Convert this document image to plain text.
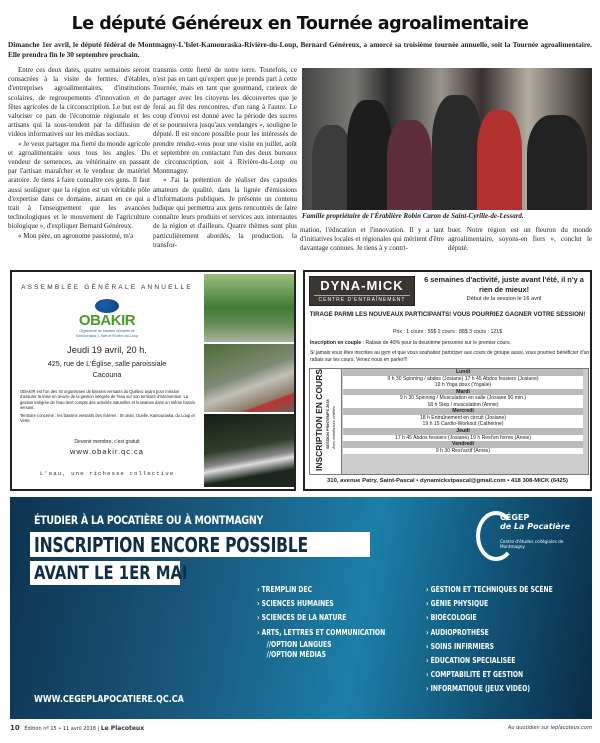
Le député Généreux en Tournée agroalimentaire

Dimanche 1er avril, le député fédéral de Montmagny-L'Islet-Kamouraska-Rivière-du-Loup, Bernard Généreux, a amorcé sa troisième tournée annuelle, soit la Tournée agroalimentaire. Elle prendra fin le 30 septembre prochain.

Entre ces deux dates, quatre semaines seront consacrées à la visite de fermes, d'étables, d'entreprises agroalimentaires, d'institutions scolaires, de regroupements d'innovation et de fêtes agricoles de la circonscription. Le but est de valoriser ce pan de l'économie régionale et les artisans qui la sous-tendent par la diffusion de vidéos informatives sur les médias sociaux.

« Je veux partager ma fierté du monde agricole et agroalimentaire sous tous les angles. Du vendeur de semences, au vétérinaire en passant par l'artisan maraîcher et le vendeur de matériel aratoire. Je tiens à faire connaître ces gens. Il faut aussi souligner que la région est un véritable pôle d'expertise dans ce domaine, autant en ce qui a trait à l'enseignement que les avancées technologiques et le mouvement de l'agriculture biologique », d'expliquer Bernard Généreux.

« Mon père, un agronome passionné, m'a

transmis cette fierté de notre terre. Toutefois, ce n'est pas en tant qu'expert que je prends part à cette Tournée, mais en tant que gourmand, curieux de partager avec les citoyens les découvertes que je ferai au fil des rencontres, d'un rang à l'autre. Le coup d'envoi est donné avec la période des sucres et se poursuivra jusqu'aux vendanges », souligne le député. Il est encore possible pour les intéressés de prendre rendez-vous pour une visite en juillet, août et septembre en contactant l'un des deux bureaux de circonscription, soit à Rivière-du-Loup ou Montmagny.

« J'ai la prétention de réaliser des capsules amateurs de qualité, dans la lignée d'émissions d'informations publiques. Je présente un contenu ludique qui permettra aux gens rencontrés de faire connaître leurs produits et services aux internautes de la région et d'ailleurs. Quatre thèmes sont plus particulièrement abordés, la production, la transfor-

Famille propriétaire de l'Érablière Robin Caron de Saint-Cyrille-de-Lessard.

mation, l'éducation et l'innovation. Il y a tant d'initiatives locales et régionales qui méritent d'être davantage connues. Je tiens à y contri-

buer. Notre région est un fleuron du monde agroalimentaire, soyons-en fiers », conclut le député.

ASSEMBLÉE GÉNÉRALE ANNUELLE
OBAKIR
Organisme de bassins versants de Kamouraska, L'Islet et Rivière-du-Loup
Jeudi 19 avril, 20 h.
425, rue de L'Église, salle paroissiale
Cacouna
OBAKIR est l'un des 40 organismes de bassins versants du Québec ayant pour mission d'assurer la mise en œuvre de la gestion intégrée de l'eau sur son territoire d'intervention. La gestion intégrée de l'eau tient compte des activités naturelles et humaines dans un même bassin versant.
Territoire concerné : les bassins versants des rivières : St-Jean, Ouelle, Kamouraska, du Loup et Verte.
Devenir membre, c'est gratuit
www.obakir.qc.ca
L'eau, une richesse collective
DYNA-MICK
CENTRE D'ENTRAÎNEMENT
6 semaines d'activité, juste avant l'été, il n'y a rien de mieux!
Début de la session le 16 avril
TIRAGE PARMI LES NOUVEAUX PARTICIPANTS! VOUS POURRIEZ GAGNER VOTRE SESSION!
Prix : 1 cours : 55$ 2 cours : 88$ 3 cours : 121$
Inscription en couple : Rabais de 40% pour la deuxième personne sur le premier cours.
Si jamais vous êtes inscrites au gym et que vous souhaitez participer aux cours de groupe aussi, vous pourriez bénéficier d'un rabais sur les cours. Venez nous en parler!!!
INSCRIPTION EN COURS SESSION PRINTEMPS 2018 Avec entraîneurs certifiés
Lundi
9 h 30 Spinning / abdos (Josiane) 17 h 45 Abdos fessiers (Josiane)
19 h Yoga doux (Yogalie)
Mardi
9 h 30 Spinning / Musculation en salle (Josiane 90 min.)
18 h Step / musculation (Annie)
Mercredi
18 h Entraînement en circuit (Josiane)
19 h 15 Cardio-Workout (Catherine)
Jeudi
17 h 45 Abdos fessiers (Josiane) 19 h Rest'en forme (Annie)
Vendredi
9 h 30 Rest'actif (Annie)
310, avenue Patry, Saint-Pascal • dynamickstpascal@gmail.com • 418 308-MICK (6425)
ÉTUDIER À LA POCATIÈRE OU À MONTMAGNY
INSCRIPTION ENCORE POSSIBLE
AVANT LE 1ER MAI
CÉGEP
de La Pocatière
Centre d'études collégiales de Montmagny
› TREMPLIN DEC
› SCIENCES HUMAINES
› SCIENCES DE LA NATURE
› ARTS, LETTRES ET COMMUNICATION
//OPTION LANGUES
//OPTION MÉDIAS
› GESTION ET TECHNIQUES DE SCÈNE
› GÉNIE PHYSIQUE
› BIOÉCOLOGIE
› AUDIOPROTHÈSE
› SOINS INFIRMIERS
› ÉDUCATION SPÉCIALISÉE
› COMPTABILITÉ ET GESTION
› INFORMATIQUE (JEUX VIDÉO)
WWW.CEGEPLAPOCATIERE.QC.CA
10 Édition nº 15 • 11 avril 2018 | Le Placoteux	Au quotidien sur leplacoteux.com
